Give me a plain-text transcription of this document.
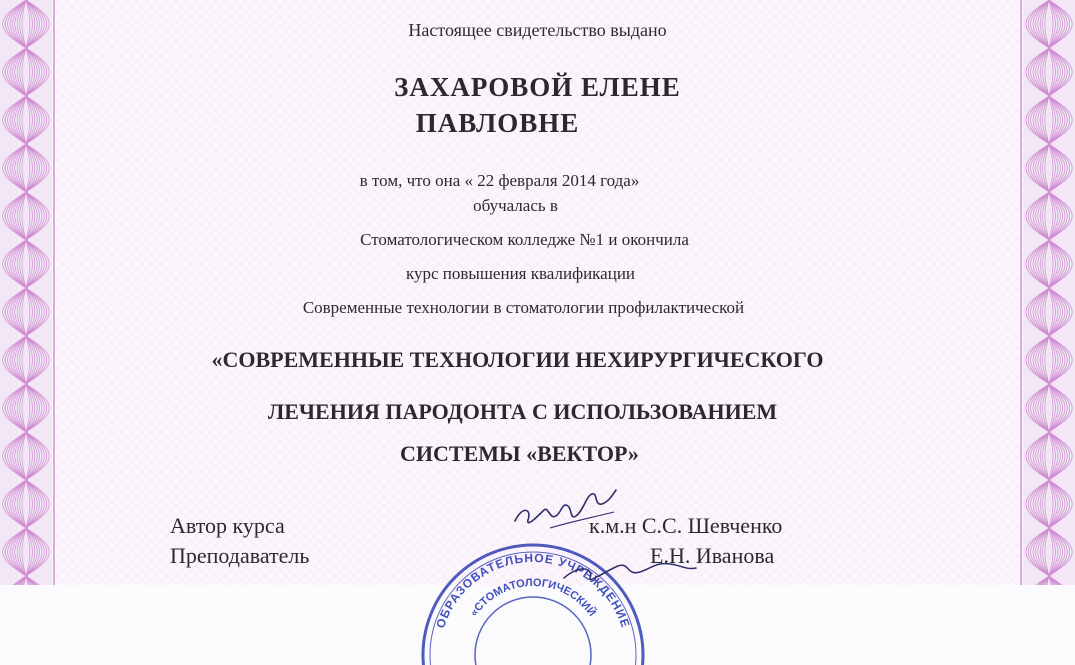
Настоящее свидетельство выдано
ЗАХАРОВОЙ ЕЛЕНЕ
ПАВЛОВНЕ
в том, что она « 22 февраля 2014 года»
обучалась в
Стоматологическом колледже №1 и окончила
курс повышения квалификации
Современные технологии в стоматологии профилактической
«СОВРЕМЕННЫЕ ТЕХНОЛОГИИ НЕХИРУРГИЧЕСКОГО
ЛЕЧЕНИЯ ПАРОДОНТА С ИСПОЛЬЗОВАНИЕМ
СИСТЕМЫ «ВЕКТОР»
ОБРАЗОВАТЕЛЬНОЕ УЧРЕЖДЕНИЕ
«СТОМАТОЛОГИЧЕСКИЙ
Автор курса
Преподаватель
к.м.н С.С. Шевченко
Е.Н. Иванова
